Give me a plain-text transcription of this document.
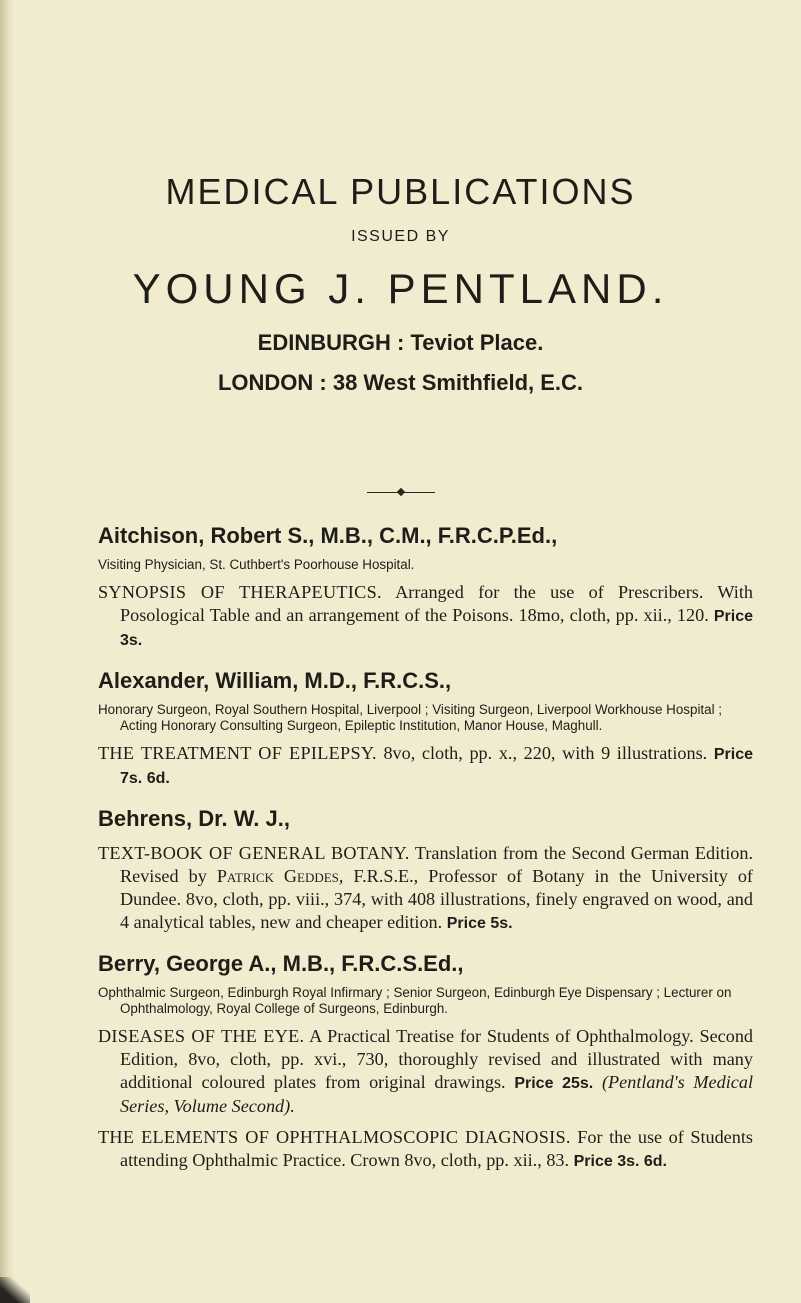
MEDICAL PUBLICATIONS
ISSUED BY
YOUNG J. PENTLAND.
EDINBURGH : Teviot Place.
LONDON : 38 West Smithfield, E.C.

Aitchison, Robert S., M.B., C.M., F.R.C.P.Ed.,

Visiting Physician, St. Cuthbert's Poorhouse Hospital.

SYNOPSIS OF THERAPEUTICS. Arranged for the use of Prescribers. With Posological Table and an arrangement of the Poisons. 18mo, cloth, pp. xii., 120. Price 3s.

Alexander, William, M.D., F.R.C.S.,

Honorary Surgeon, Royal Southern Hospital, Liverpool ; Visiting Surgeon, Liverpool Workhouse Hospital ; Acting Honorary Consulting Surgeon, Epileptic Institution, Manor House, Maghull.

THE TREATMENT OF EPILEPSY. 8vo, cloth, pp. x., 220, with 9 illustrations. Price 7s. 6d.

Behrens, Dr. W. J.,

TEXT-BOOK OF GENERAL BOTANY. Translation from the Second German Edition. Revised by Patrick Geddes, F.R.S.E., Professor of Botany in the University of Dundee. 8vo, cloth, pp. viii., 374, with 408 illustrations, finely engraved on wood, and 4 analytical tables, new and cheaper edition. Price 5s.

Berry, George A., M.B., F.R.C.S.Ed.,

Ophthalmic Surgeon, Edinburgh Royal Infirmary ; Senior Surgeon, Edinburgh Eye Dispensary ; Lecturer on Ophthalmology, Royal College of Surgeons, Edinburgh.

DISEASES OF THE EYE. A Practical Treatise for Students of Ophthalmology. Second Edition, 8vo, cloth, pp. xvi., 730, thoroughly revised and illustrated with many additional coloured plates from original drawings. Price 25s. (Pentland's Medical Series, Volume Second).

THE ELEMENTS OF OPHTHALMOSCOPIC DIAGNOSIS. For the use of Students attending Ophthalmic Practice. Crown 8vo, cloth, pp. xii., 83. Price 3s. 6d.
